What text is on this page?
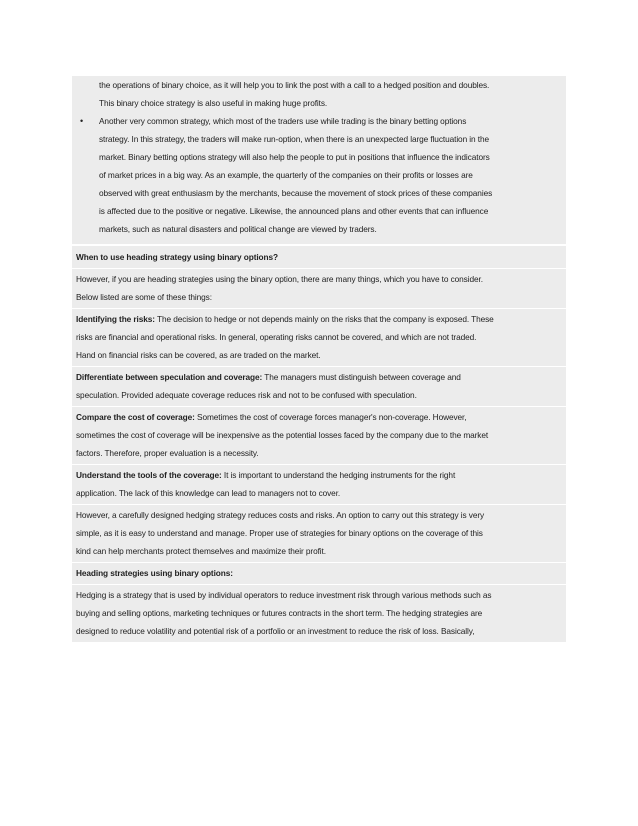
the operations of binary choice, as it will help you to link the post with a call to a hedged position and doubles.
This binary choice strategy is also useful in making huge profits.
• Another very common strategy, which most of the traders use while trading is the binary betting options
strategy. In this strategy, the traders will make run-option, when there is an unexpected large fluctuation in the
market. Binary betting options strategy will also help the people to put in positions that influence the indicators
of market prices in a big way. As an example, the quarterly of the companies on their profits or losses are
observed with great enthusiasm by the merchants, because the movement of stock prices of these companies
is affected due to the positive or negative. Likewise, the announced plans and other events that can influence
markets, such as natural disasters and political change are viewed by traders.
When to use heading strategy using binary options?
However, if you are heading strategies using the binary option, there are many things, which you have to consider.
Below listed are some of these things:
Identifying the risks: The decision to hedge or not depends mainly on the risks that the company is exposed. These
risks are financial and operational risks. In general, operating risks cannot be covered, and which are not traded.
Hand on financial risks can be covered, as are traded on the market.
Differentiate between speculation and coverage: The managers must distinguish between coverage and
speculation. Provided adequate coverage reduces risk and not to be confused with speculation.
Compare the cost of coverage: Sometimes the cost of coverage forces manager's non-coverage. However,
sometimes the cost of coverage will be inexpensive as the potential losses faced by the company due to the market
factors. Therefore, proper evaluation is a necessity.
Understand the tools of the coverage: It is important to understand the hedging instruments for the right
application. The lack of this knowledge can lead to managers not to cover.
However, a carefully designed hedging strategy reduces costs and risks. An option to carry out this strategy is very
simple, as it is easy to understand and manage. Proper use of strategies for binary options on the coverage of this
kind can help merchants protect themselves and maximize their profit.
Heading strategies using binary options:
Hedging is a strategy that is used by individual operators to reduce investment risk through various methods such as
buying and selling options, marketing techniques or futures contracts in the short term. The hedging strategies are
designed to reduce volatility and potential risk of a portfolio or an investment to reduce the risk of loss. Basically,
